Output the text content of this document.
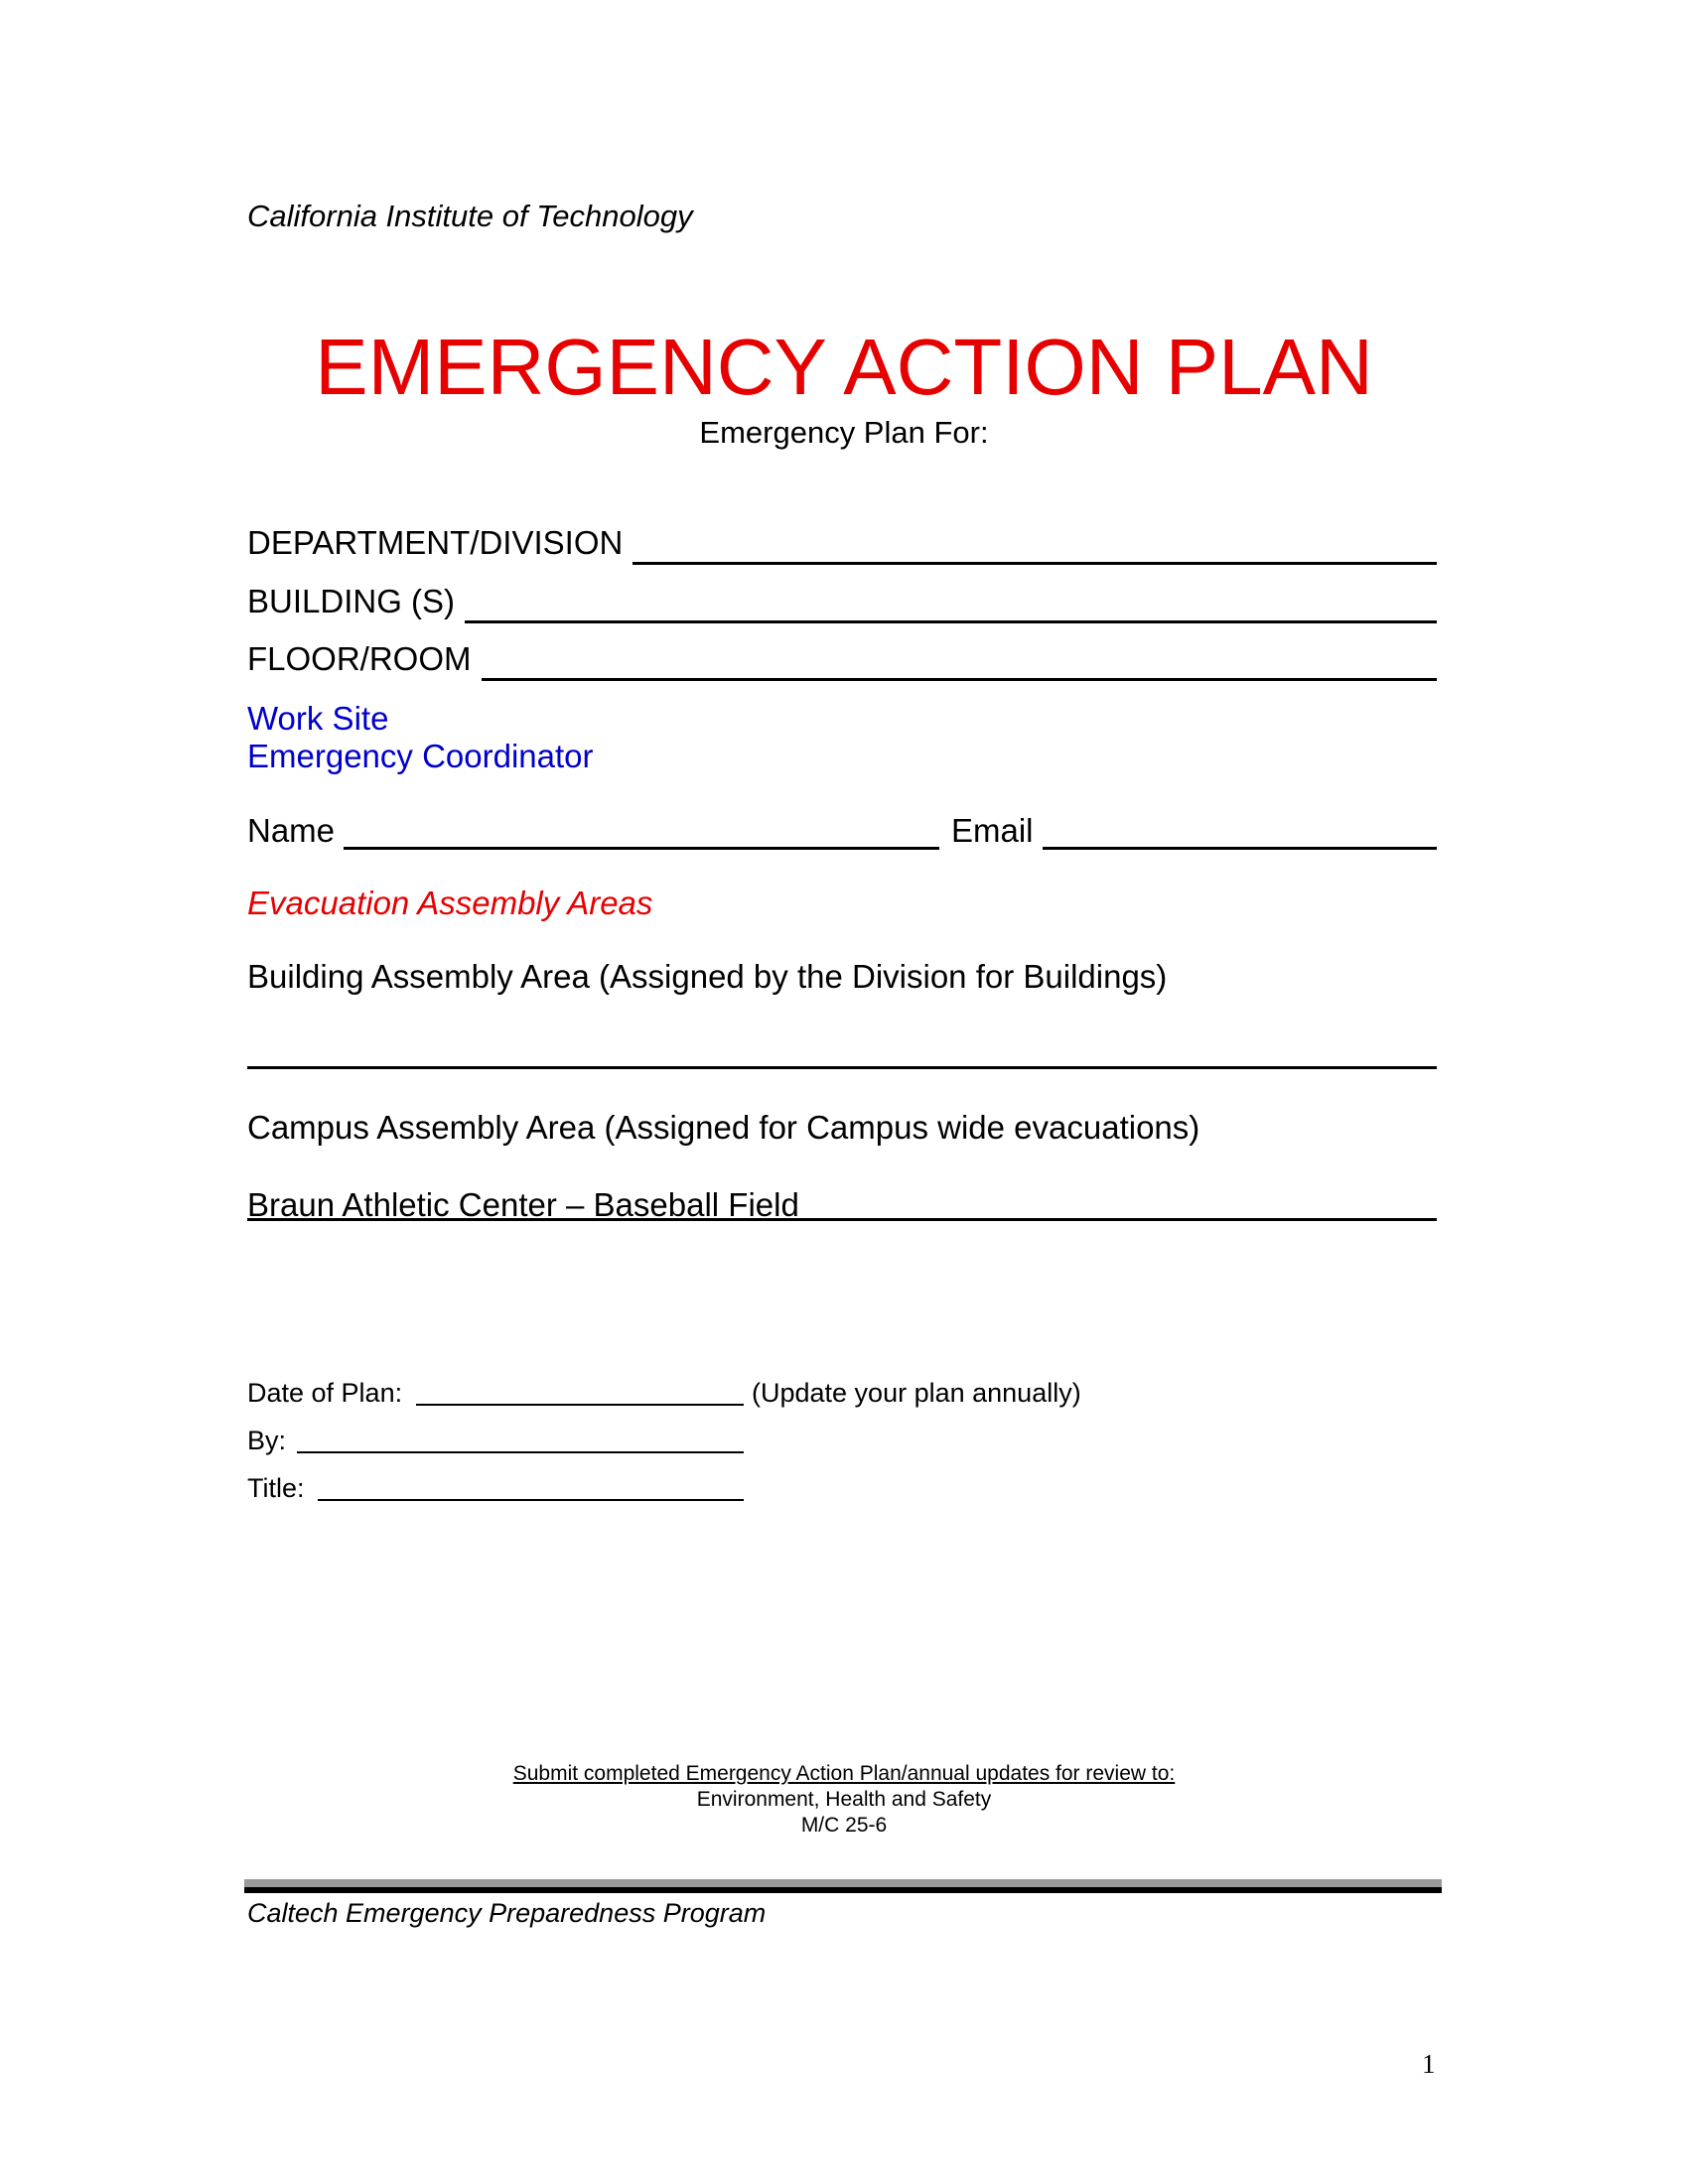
California Institute of Technology
EMERGENCY ACTION PLAN
Emergency Plan For:
DEPARTMENT/DIVISION
BUILDING (S)
FLOOR/ROOM
Work Site
Emergency Coordinator
Name	Email
Evacuation Assembly Areas
Building Assembly Area (Assigned by the Division for Buildings)
Campus Assembly Area (Assigned for Campus wide evacuations)
Braun Athletic Center – Baseball Field
Date of Plan:	(Update your plan annually)
By:
Title:
Submit completed Emergency Action Plan/annual updates for review to:
Environment, Health and Safety
M/C 25-6
Caltech Emergency Preparedness Program
1
